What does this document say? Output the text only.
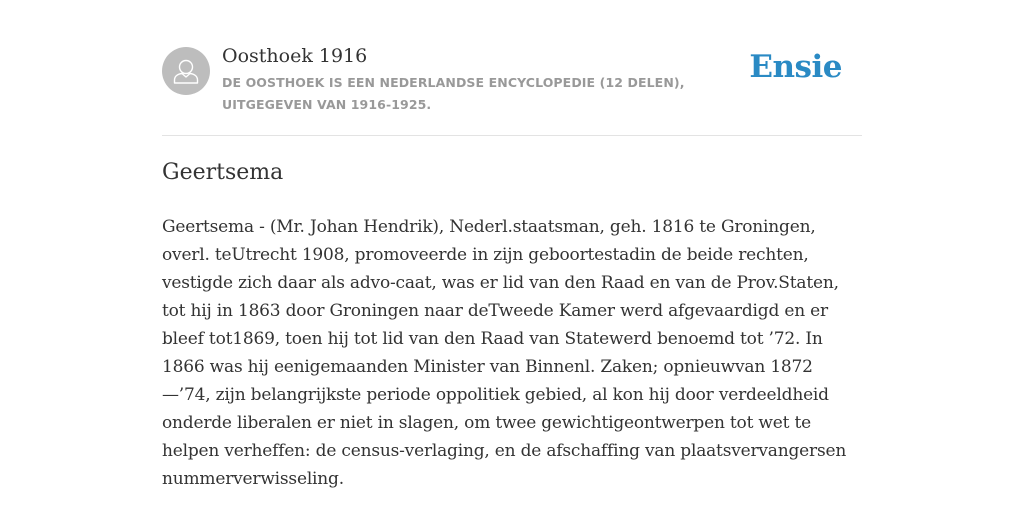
Oosthoek 1916
DE OOSTHOEK IS EEN NEDERLANDSE ENCYCLOPEDIE (12 DELEN), UITGEGEVEN VAN 1916-1925.
Ensie
Geertsema

Geertsema - (Mr. Johan Hendrik), Nederl.staatsman, geh. 1816 te Groningen, overl. teUtrecht 1908, promoveerde in zijn geboortestadin de beide rechten, vestigde zich daar als advo-caat, was er lid van den Raad en van de Prov.Staten, tot hij in 1863 door Groningen naar deTweede Kamer werd afgevaardigd en er bleef tot1869, toen hij tot lid van den Raad van Statewerd benoemd tot ’72. In 1866 was hij eenigemaanden Minister van Binnenl. Zaken; opnieuwvan 1872 —’74, zijn belangrijkste periode oppolitiek gebied, al kon hij door verdeeldheid onderde liberalen er niet in slagen, om twee gewichtigeontwerpen tot wet te helpen verheffen: de census-verlaging, en de afschaffing van plaatsvervangersen nummerverwisseling.
